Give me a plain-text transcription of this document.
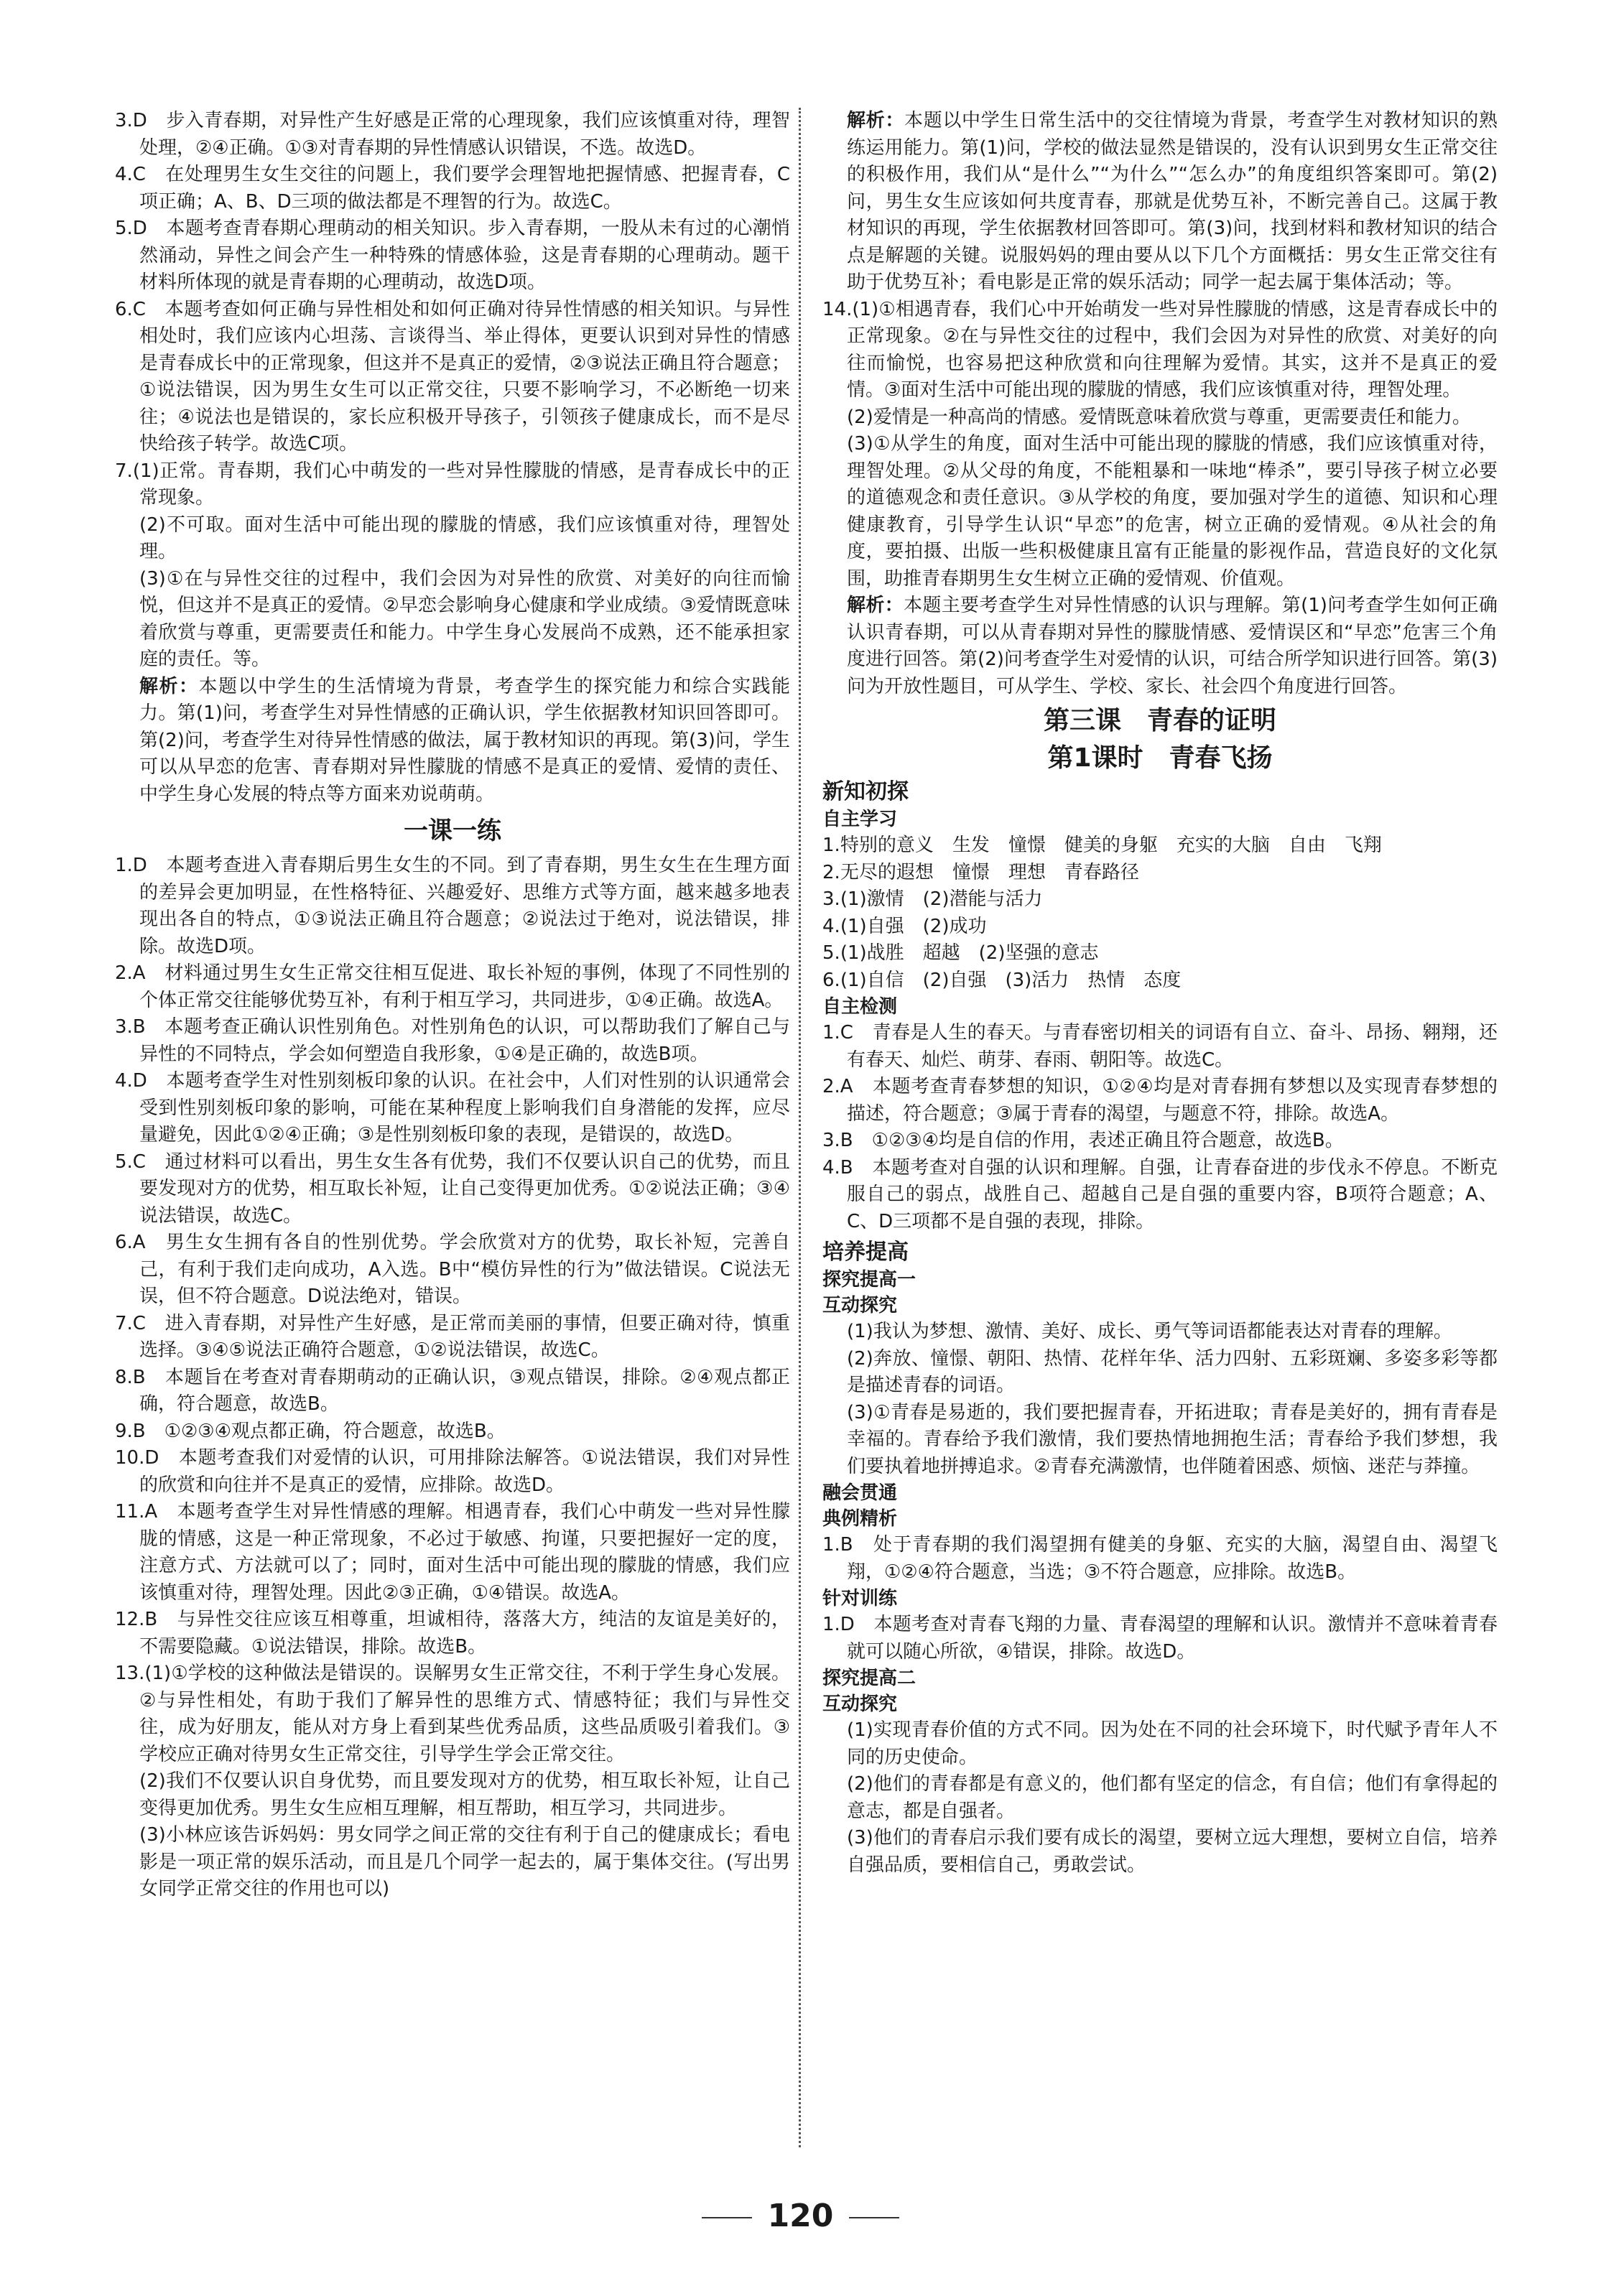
3.D　 步入青春期，对异性产生好感是正常的心理现象，我们应该慎重对待，理智处理，②④正确。①③对青春期的异性情感认识错误，不选。故选D。

4.C　 在处理男生女生交往的问题上，我们要学会理智地把握情感、把握青春，C项正确；A、B、D三项的做法都是不理智的行为。故选C。

5.D　 本题考查青春期心理萌动的相关知识。步入青春期，一股从未有过的心潮悄然涌动，异性之间会产生一种特殊的情感体验，这是青春期的心理萌动。题干材料所体现的就是青春期的心理萌动，故选D项。

6.C　 本题考查如何正确与异性相处和如何正确对待异性情感的相关知识。与异性相处时，我们应该内心坦荡、言谈得当、举止得体，更要认识到对异性的情感是青春成长中的正常现象，但这并不是真正的爱情，②③说法正确且符合题意；①说法错误，因为男生女生可以正常交往，只要不影响学习，不必断绝一切来往；④说法也是错误的，家长应积极开导孩子，引领孩子健康成长，而不是尽快给孩子转学。故选C项。

7.(1)正常。青春期，我们心中萌发的一些对异性朦胧的情感，是青春成长中的正常现象。

(2)不可取。面对生活中可能出现的朦胧的情感，我们应该慎重对待，理智处理。

(3)①在与异性交往的过程中，我们会因为对异性的欣赏、对美好的向往而愉悦，但这并不是真正的爱情。②早恋会影响身心健康和学业成绩。③爱情既意味着欣赏与尊重，更需要责任和能力。中学生身心发展尚不成熟，还不能承担家庭的责任。等。

解析：本题以中学生的生活情境为背景，考查学生的探究能力和综合实践能力。第(1)问，考查学生对异性情感的正确认识，学生依据教材知识回答即可。第(2)问，考查学生对待异性情感的做法，属于教材知识的再现。第(3)问，学生可以从早恋的危害、青春期对异性朦胧的情感不是真正的爱情、爱情的责任、中学生身心发展的特点等方面来劝说萌萌。

一课一练

1.D　 本题考查进入青春期后男生女生的不同。到了青春期，男生女生在生理方面的差异会更加明显，在性格特征、兴趣爱好、思维方式等方面，越来越多地表现出各自的特点，①③说法正确且符合题意；②说法过于绝对，说法错误，排除。故选D项。

2.A　 材料通过男生女生正常交往相互促进、取长补短的事例，体现了不同性别的个体正常交往能够优势互补，有利于相互学习，共同进步，①④正确。故选A。

3.B　 本题考查正确认识性别角色。对性别角色的认识，可以帮助我们了解自己与异性的不同特点，学会如何塑造自我形象，①④是正确的，故选B项。

4.D　 本题考查学生对性别刻板印象的认识。在社会中，人们对性别的认识通常会受到性别刻板印象的影响，可能在某种程度上影响我们自身潜能的发挥，应尽量避免，因此①②④正确；③是性别刻板印象的表现，是错误的，故选D。

5.C　 通过材料可以看出，男生女生各有优势，我们不仅要认识自己的优势，而且要发现对方的优势，相互取长补短，让自己变得更加优秀。①②说法正确；③④说法错误，故选C。

6.A　 男生女生拥有各自的性别优势。学会欣赏对方的优势，取长补短，完善自己，有利于我们走向成功，A入选。B中“模仿异性的行为”做法错误。C说法无误，但不符合题意。D说法绝对，错误。

7.C　 进入青春期，对异性产生好感，是正常而美丽的事情，但要正确对待，慎重选择。③④⑤说法正确符合题意，①②说法错误，故选C。

8.B　 本题旨在考查对青春期萌动的正确认识，③观点错误，排除。②④观点都正确，符合题意，故选B。

9.B　 ①②③④观点都正确，符合题意，故选B。

10.D　 本题考查我们对爱情的认识，可用排除法解答。①说法错误，我们对异性的欣赏和向往并不是真正的爱情，应排除。故选D。

11.A　 本题考查学生对异性情感的理解。相遇青春，我们心中萌发一些对异性朦胧的情感，这是一种正常现象，不必过于敏感、拘谨，只要把握好一定的度，注意方式、方法就可以了；同时，面对生活中可能出现的朦胧的情感，我们应该慎重对待，理智处理。因此②③正确，①④错误。故选A。

12.B　 与异性交往应该互相尊重，坦诚相待，落落大方，纯洁的友谊是美好的，不需要隐藏。①说法错误，排除。故选B。

13.(1)①学校的这种做法是错误的。误解男女生正常交往，不利于学生身心发展。②与异性相处，有助于我们了解异性的思维方式、情感特征；我们与异性交往，成为好朋友，能从对方身上看到某些优秀品质，这些品质吸引着我们。③学校应正确对待男女生正常交往，引导学生学会正常交往。

(2)我们不仅要认识自身优势，而且要发现对方的优势，相互取长补短，让自己变得更加优秀。男生女生应相互理解，相互帮助，相互学习，共同进步。

(3)小林应该告诉妈妈：男女同学之间正常的交往有利于自己的健康成长；看电影是一项正常的娱乐活动，而且是几个同学一起去的，属于集体交往。(写出男女同学正常交往的作用也可以)

解析：本题以中学生日常生活中的交往情境为背景，考查学生对教材知识的熟练运用能力。第(1)问，学校的做法显然是错误的，没有认识到男女生正常交往的积极作用，我们从“是什么”“为什么”“怎么办”的角度组织答案即可。第(2)问，男生女生应该如何共度青春，那就是优势互补，不断完善自己。这属于教材知识的再现，学生依据教材回答即可。第(3)问，找到材料和教材知识的结合点是解题的关键。说服妈妈的理由要从以下几个方面概括：男女生正常交往有助于优势互补；看电影是正常的娱乐活动；同学一起去属于集体活动；等。

14.(1)①相遇青春，我们心中开始萌发一些对异性朦胧的情感，这是青春成长中的正常现象。②在与异性交往的过程中，我们会因为对异性的欣赏、对美好的向往而愉悦，也容易把这种欣赏和向往理解为爱情。其实，这并不是真正的爱情。③面对生活中可能出现的朦胧的情感，我们应该慎重对待，理智处理。

(2)爱情是一种高尚的情感。爱情既意味着欣赏与尊重，更需要责任和能力。

(3)①从学生的角度，面对生活中可能出现的朦胧的情感，我们应该慎重对待，理智处理。②从父母的角度，不能粗暴和一味地“棒杀”，要引导孩子树立必要的道德观念和责任意识。③从学校的角度，要加强对学生的道德、知识和心理健康教育，引导学生认识“早恋”的危害，树立正确的爱情观。④从社会的角度，要拍摄、出版一些积极健康且富有正能量的影视作品，营造良好的文化氛围，助推青春期男生女生树立正确的爱情观、价值观。

解析：本题主要考查学生对异性情感的认识与理解。第(1)问考查学生如何正确认识青春期，可以从青春期对异性的朦胧情感、爱情误区和“早恋”危害三个角度进行回答。第(2)问考查学生对爱情的认识，可结合所学知识进行回答。第(3)问为开放性题目，可从学生、学校、家长、社会四个角度进行回答。

第三课　青春的证明
第1课时　青春飞扬
新知初探
自主学习

1.特别的意义　生发　憧憬　健美的身躯　充实的大脑　自由　飞翔

2.无尽的遐想　憧憬　理想　青春路径

3.(1)激情　(2)潜能与活力

4.(1)自强　(2)成功

5.(1)战胜　超越　(2)坚强的意志

6.(1)自信　(2)自强　(3)活力　热情　态度

自主检测

1.C　 青春是人生的春天。与青春密切相关的词语有自立、奋斗、昂扬、翱翔，还有春天、灿烂、萌芽、春雨、朝阳等。故选C。

2.A　 本题考查青春梦想的知识，①②④均是对青春拥有梦想以及实现青春梦想的描述，符合题意；③属于青春的渴望，与题意不符，排除。故选A。

3.B　 ①②③④均是自信的作用，表述正确且符合题意，故选B。

4.B　 本题考查对自强的认识和理解。自强，让青春奋进的步伐永不停息。不断克服自己的弱点，战胜自己、超越自己是自强的重要内容，B项符合题意；A、C、D三项都不是自强的表现，排除。

培养提高
探究提高一
互动探究

(1)我认为梦想、激情、美好、成长、勇气等词语都能表达对青春的理解。

(2)奔放、憧憬、朝阳、热情、花样年华、活力四射、五彩斑斓、多姿多彩等都是描述青春的词语。

(3)①青春是易逝的，我们要把握青春，开拓进取；青春是美好的，拥有青春是幸福的。青春给予我们激情，我们要热情地拥抱生活；青春给予我们梦想，我们要执着地拼搏追求。②青春充满激情，也伴随着困惑、烦恼、迷茫与莽撞。

融会贯通
典例精析

1.B　 处于青春期的我们渴望拥有健美的身躯、充实的大脑，渴望自由、渴望飞翔，①②④符合题意，当选；③不符合题意，应排除。故选B。

针对训练

1.D　 本题考查对青春飞翔的力量、青春渴望的理解和认识。激情并不意味着青春就可以随心所欲，④错误，排除。故选D。

探究提高二
互动探究

(1)实现青春价值的方式不同。因为处在不同的社会环境下，时代赋予青年人不同的历史使命。

(2)他们的青春都是有意义的，他们都有坚定的信念，有自信；他们有拿得起的意志，都是自强者。

(3)他们的青春启示我们要有成长的渴望，要树立远大理想，要树立自信，培养自强品质，要相信自己，勇敢尝试。

120
